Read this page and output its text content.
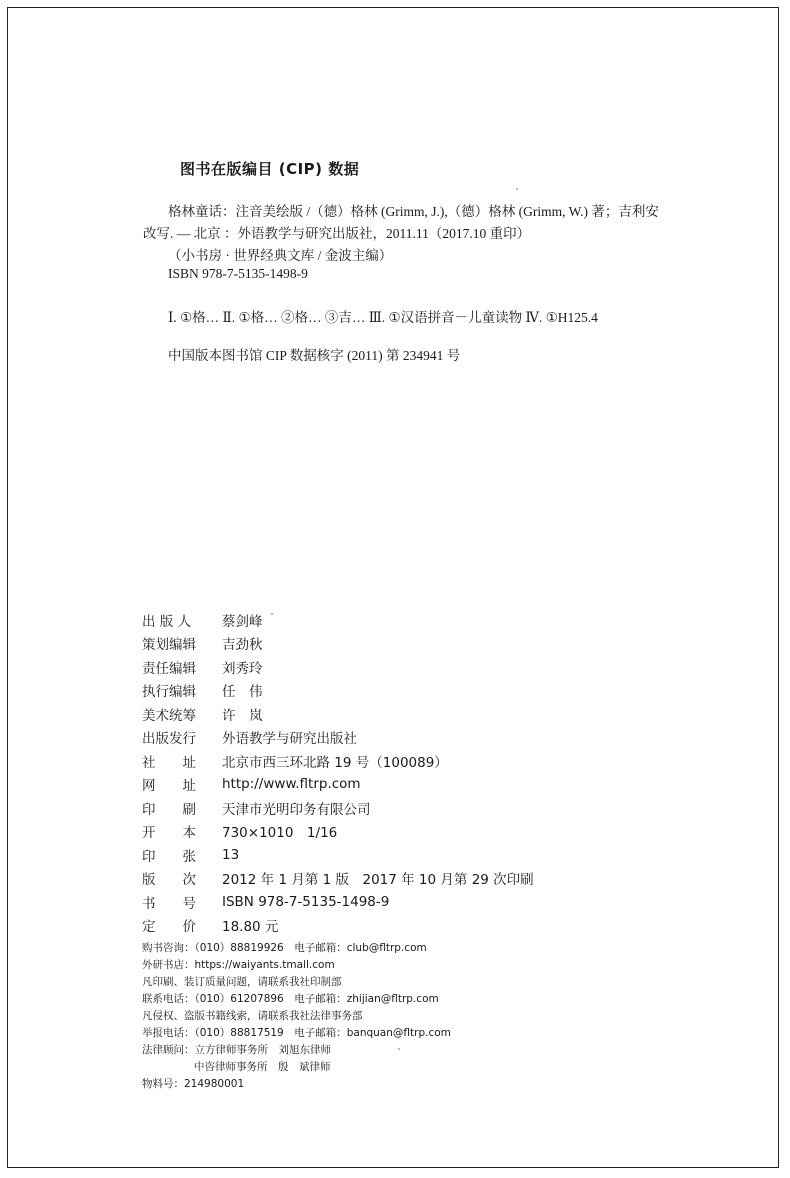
图书在版编目 (CIP) 数据
格林童话：注音美绘版 /（德）格林 (Grimm, J.),（德）格林 (Grimm, W.) 著；吉利安
改写. — 北京 ：外语教学与研究出版社，2011.11（2017.10 重印）
（小书房 · 世界经典文库 / 金波主编）
ISBN 978-7-5135-1498-9
Ⅰ. ①格… Ⅱ. ①格… ②格… ③吉… Ⅲ. ①汉语拼音－儿童读物 Ⅳ. ①H125.4
中国版本图书馆 CIP 数据核字 (2011) 第 234941 号
出 版 人	蔡剑峰
策划编辑	吉劲秋
责任编辑	刘秀玲
执行编辑	任　伟
美术统筹	许　岚
出版发行	外语教学与研究出版社
社　　址	北京市西三环北路 19 号（100089）
网　　址	http://www.fltrp.com
印　　刷	天津市光明印务有限公司
开　　本	730×1010　1/16
印　　张	13
版　　次	2012 年 1 月第 1 版　2017 年 10 月第 29 次印刷
书　　号	ISBN 978-7-5135-1498-9
定　　价	18.80 元
购书咨询：（010）88819926　电子邮箱：club@fltrp.com
外研书店：https://waiyants.tmall.com
凡印刷、装订质量问题，请联系我社印制部
联系电话：（010）61207896　电子邮箱：zhijian@fltrp.com
凡侵权、盗版书籍线索，请联系我社法律事务部
举报电话：（010）88817519　电子邮箱：banquan@fltrp.com
法律顾问：立方律师事务所　刘旭东律师
中咨律师事务所　殷　斌律师
物料号：214980001
